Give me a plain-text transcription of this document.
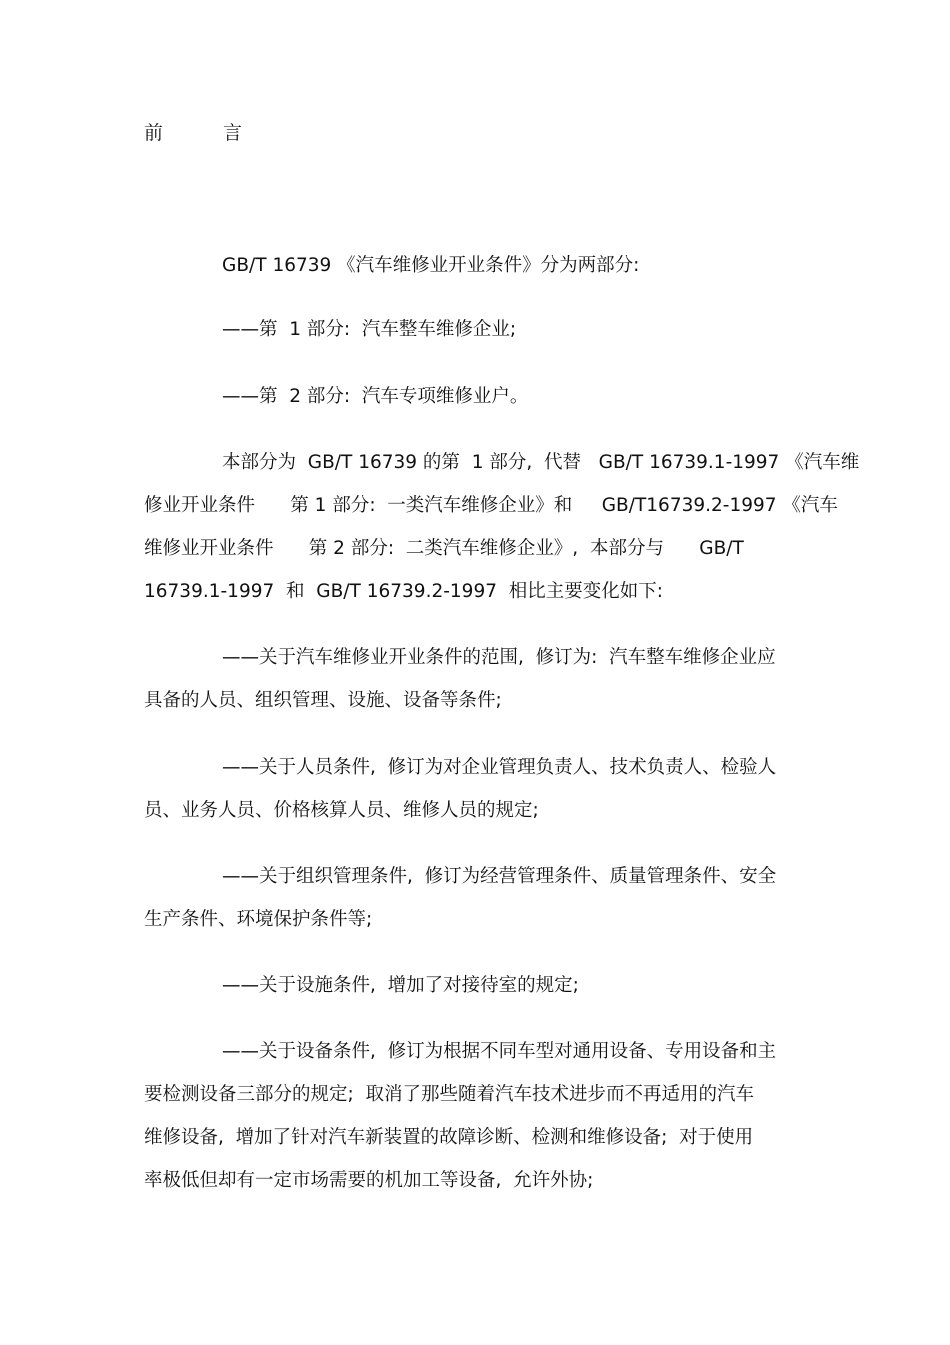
前	言
GB/T 16739 《汽车维修业开业条件》分为两部分:
——第  1 部分:  汽车整车维修企业;
——第  2 部分:  汽车专项维修业户。
本部分为  GB/T 16739 的第  1 部分,  代替   GB/T 16739.1-1997 《汽车维
修业开业条件      第 1 部分:  一类汽车维修企业》和     GB/T16739.2-1997 《汽车
维修业开业条件      第 2 部分:  二类汽车维修企业》,  本部分与      GB/T
16739.1-1997  和  GB/T 16739.2-1997  相比主要变化如下:
——关于汽车维修业开业条件的范围,  修订为:  汽车整车维修企业应
具备的人员、组织管理、设施、设备等条件;
——关于人员条件,  修订为对企业管理负责人、技术负责人、检验人
员、业务人员、价格核算人员、维修人员的规定;
——关于组织管理条件,  修订为经营管理条件、质量管理条件、安全
生产条件、环境保护条件等;
——关于设施条件,  增加了对接待室的规定;
——关于设备条件,  修订为根据不同车型对通用设备、专用设备和主
要检测设备三部分的规定;  取消了那些随着汽车技术进步而不再适用的汽车
维修设备,  增加了针对汽车新装置的故障诊断、检测和维修设备;  对于使用
率极低但却有一定市场需要的机加工等设备,  允许外协;
